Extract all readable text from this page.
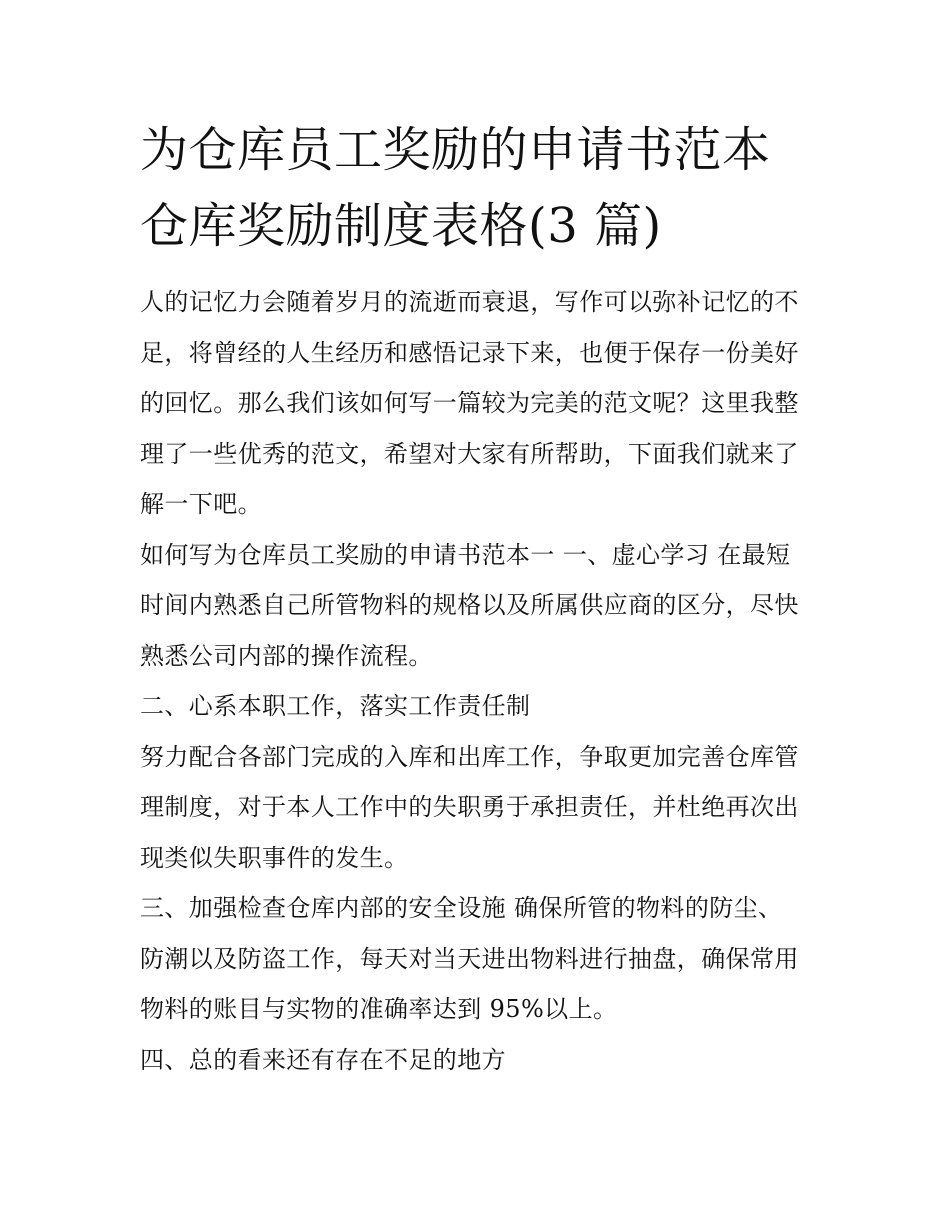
为仓库员工奖励的申请书范本
仓库奖励制度表格(3 篇)

人的记忆力会随着岁月的流逝而衰退，写作可以弥补记忆的不
足，将曾经的人生经历和感悟记录下来，也便于保存一份美好
的回忆。那么我们该如何写一篇较为完美的范文呢？这里我整
理了一些优秀的范文，希望对大家有所帮助，下面我们就来了
解一下吧。

如何写为仓库员工奖励的申请书范本一 一、虚心学习 在最短
时间内熟悉自己所管物料的规格以及所属供应商的区分，尽快
熟悉公司内部的操作流程。

二、心系本职工作，落实工作责任制

努力配合各部门完成的入库和出库工作，争取更加完善仓库管
理制度，对于本人工作中的失职勇于承担责任，并杜绝再次出
现类似失职事件的发生。

三、加强检查仓库内部的安全设施 确保所管的物料的防尘、
防潮以及防盗工作，每天对当天进出物料进行抽盘，确保常用
物料的账目与实物的准确率达到 95%以上。

四、总的看来还有存在不足的地方
